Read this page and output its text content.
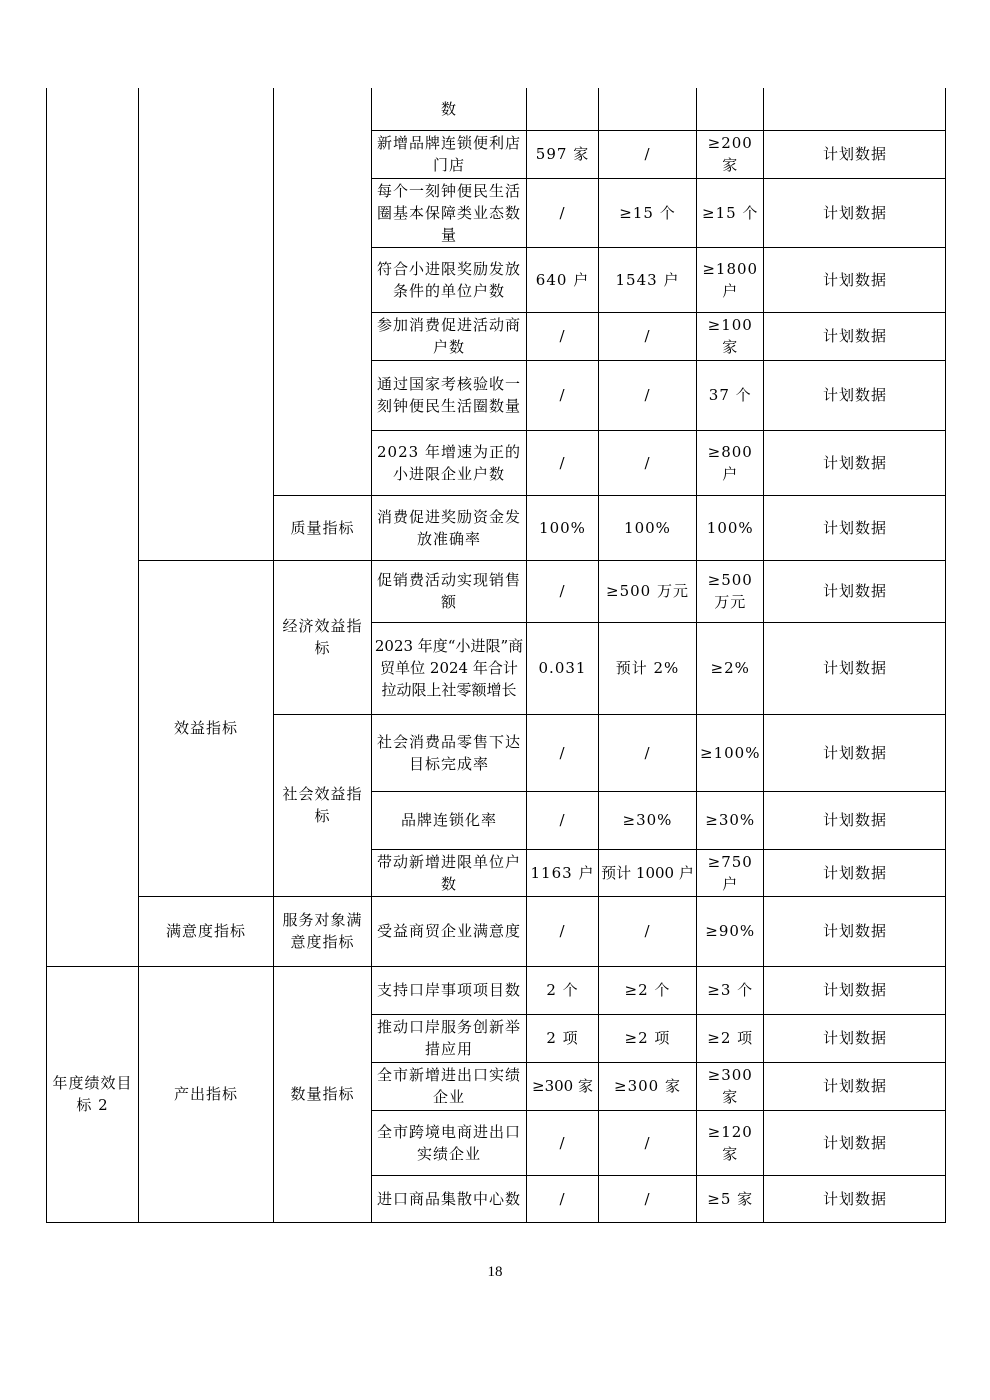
			数				
			新增品牌连锁便利店门店	597 家	/	≥200 家	计划数据
			每个一刻钟便民生活圈基本保障类业态数量	/	≥15 个	≥15 个	计划数据
			符合小进限奖励发放条件的单位户数	640 户	1543 户	≥1800 户	计划数据
			参加消费促进活动商户数	/	/	≥100 家	计划数据
			通过国家考核验收一刻钟便民生活圈数量	/	/	37 个	计划数据
			2023 年增速为正的小进限企业户数	/	/	≥800 户	计划数据
		质量指标	消费促进奖励资金发放准确率	100%	100%	100%	计划数据
	效益指标	经济效益指标	促销费活动实现销售额	/	≥500 万元	≥500 万元	计划数据
			2023 年度“小进限”商贸单位 2024 年合计拉动限上社零额增长	0.031	预计 2%	≥2%	计划数据
		社会效益指标	社会消费品零售下达目标完成率	/	/	≥100%	计划数据
			品牌连锁化率	/	≥30%	≥30%	计划数据
			带动新增进限单位户数	1163 户	预计 1000 户	≥750 户	计划数据
	满意度指标	服务对象满意度指标	受益商贸企业满意度	/	/	≥90%	计划数据
年度绩效目标 2	产出指标	数量指标	支持口岸事项项目数	2 个	≥2 个	≥3 个	计划数据
			推动口岸服务创新举措应用	2 项	≥2 项	≥2 项	计划数据
			全市新增进出口实绩企业	≥300 家	≥300 家	≥300 家	计划数据
			全市跨境电商进出口实绩企业	/	/	≥120 家	计划数据
			进口商品集散中心数	/	/	≥5 家	计划数据
18
